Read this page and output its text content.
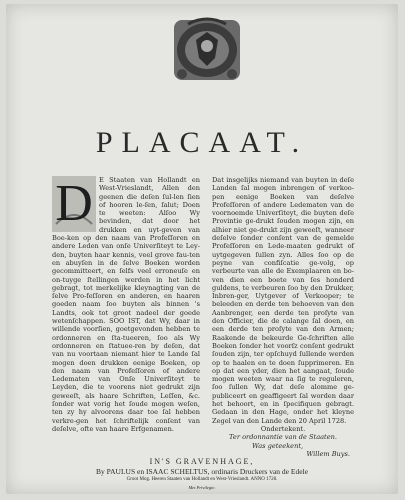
PLACAAT.
D E Staaten van Hollandt en West-Vrieslandt, Allen den geenen die deſen ſul-len ſien of hooren le-ſen, ſalut; Doen te weeten: Alſoo Wy bevinden, dat door het drukken en uyt-geven van Boe-ken op den naam van Profeſſoren en andere Leden van onſe Univerſiteyt te Ley-den, buyten haar kennis, veel grove fau-ten en abuyſen in de ſelve Boeken worden gecommitteert, en ſelfs veel erroneuſe en on-tuyge ſtellingen werden in het licht gebragt, tot merkelijke kleynagting van de ſelve Pro-feſſoren en anderen, en haaren goeden naam ſoo buyten als binnen 's Landts, ook tot groot nadeel der goede wetenſchappen. SOO IST, dat Wy, daar in willende voorſien, goetgevonden hebben te ordonneren en ſta-tueeren, ſoo als Wy ordonneren en ſtatuee-ren by deſen, dat van nu voortaan niemant hier te Lande ſal mogen doen drukken eenige Boeken, op den naam van Profeſſoren of andere Ledematen van Onſe Univerſiteyt te Leyden, die te voorens niet gedrukt zijn geweeſt, als haare Schriften, Leſſen, &c. ſonder wat vorig het ſoude mogen weſen, ten zy hy alvoorens daar toe ſal hebben verkre-gen het ſchriftelijk conſent van deſelve, ofte van haare Erfgenamen.

Dat insgelijks niemand van buyten in deſe Landen ſal mogen inbrengen of verkoo-pen eenige Boeken van deſelve Profeſſoren of andere Ledematen van de voornoemde Univerſiteyt, die buyten deſe Provintie ge-drukt ſouden mogen zijn, en alhier niet ge-drukt zijn geweeſt, wanneer deſelve ſonder conſent van de gemelde Profeſſoren en Lede-maaten gedrukt of uytgegeven ſullen zyn. Alles ſoo op de peyne van confiſcatie ge-volg, op verbeurte van alle de Exemplaaren en bo-ven dien een boete van ſes honderd guldens, te verbeuren ſoo by den Drukker, Inbren-ger, Uytgever of Verkooper; te beleeden en derde ten behoeven van den Aanbrenger, een derde ten proſyte van den Officier, die de calange ſal doen, en een derde ten proſyte van den Armen; Raakende de bekeurde Ge-ſchriften alle Boeken ſonder het voorſz conſent gedrukt ſouden zijn, ter opſchuyd ſullende werden op te haalen en te doen ſupprimeren. En op dat een yder, dien het aangaat, ſoude mogen weeten waar na ſig te reguleren, ſoo ſullen Wy, dat deſe alomme ge-publiceert en geaffigeert ſal worden daar het behoort, en in ſpecifiquen gebragt. Gedaan in den Hage, onder het kleyne Zegel van den Lande den 20 April 1728.

Ondertekent.

Ter ordonnantie van de Staaten.

Was geteekent,

Willem Buys.

IN'S GRAVENHAGE,
By PAULUS en ISAAC SCHELTUS, ordinaris Druckers van de Edele
Groot Mog. Heeren Staaten van Hollandt en West-Vrieslandt. ANNO 1728.
Met Privilegie.
